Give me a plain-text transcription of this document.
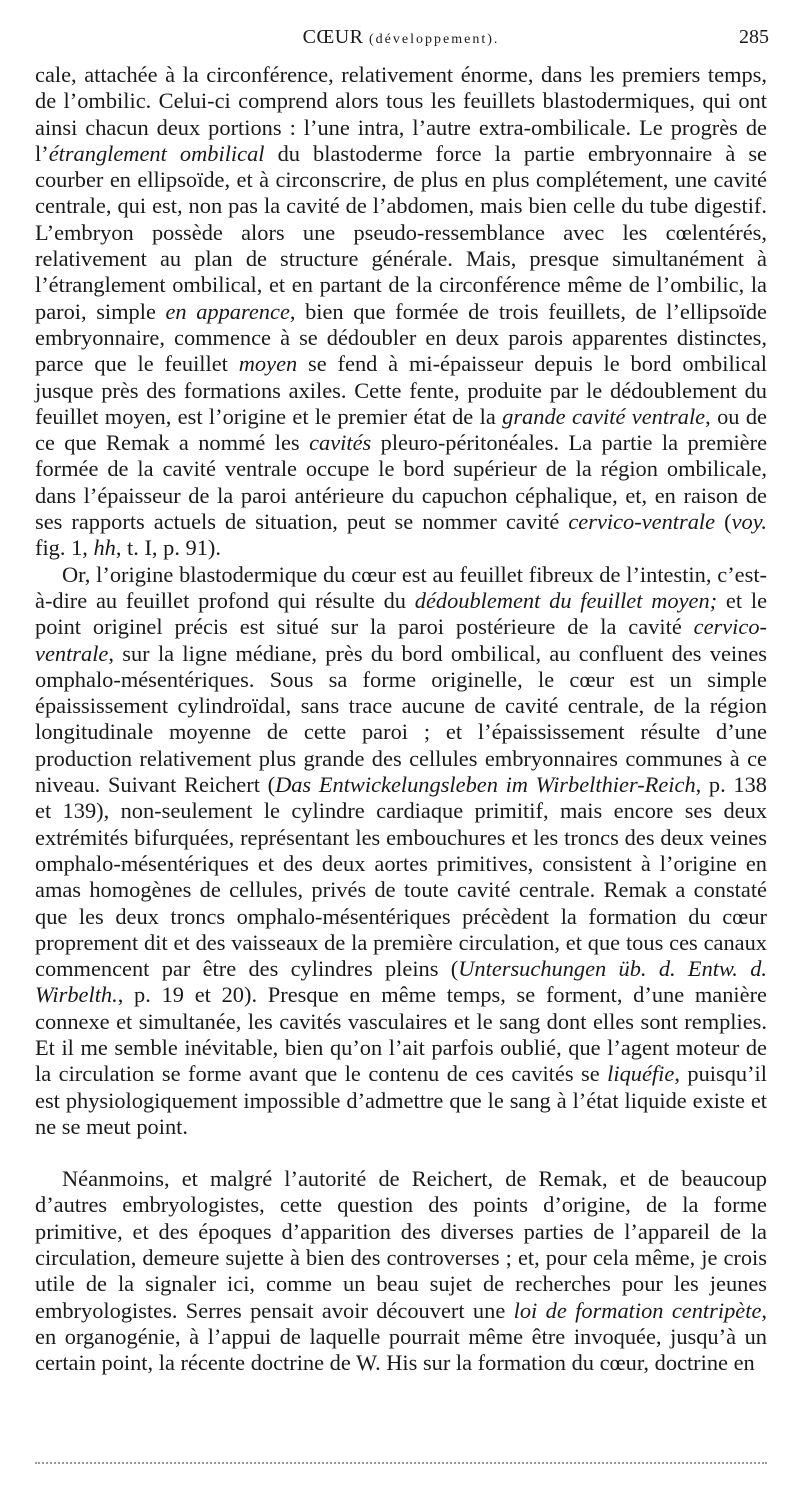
CŒUR (développement).	285

cale, attachée à la circonférence, relativement énorme, dans les premiers temps, de l’ombilic. Celui-ci comprend alors tous les feuillets blastodermiques, qui ont ainsi chacun deux portions : l’une intra, l’autre extra-ombilicale. Le progrès de l’étranglement ombilical du blastoderme force la partie embryonnaire à se courber en ellipsoïde, et à circonscrire, de plus en plus complétement, une cavité centrale, qui est, non pas la cavité de l’abdomen, mais bien celle du tube digestif. L’embryon possède alors une pseudo-ressemblance avec les cœlentérés, relativement au plan de structure générale. Mais, presque simultanément à l’étranglement ombilical, et en partant de la circonférence même de l’ombilic, la paroi, simple en apparence, bien que formée de trois feuillets, de l’ellipsoïde embryonnaire, commence à se dédoubler en deux parois apparentes distinctes, parce que le feuillet moyen se fend à mi-épaisseur depuis le bord ombilical jusque près des formations axiles. Cette fente, produite par le dédoublement du feuillet moyen, est l’origine et le premier état de la grande cavité ventrale, ou de ce que Remak a nommé les cavités pleuro-péritonéales. La partie la première formée de la cavité ventrale occupe le bord supérieur de la région ombilicale, dans l’épaisseur de la paroi antérieure du capuchon céphalique, et, en raison de ses rapports actuels de situation, peut se nommer cavité cervico-ventrale (voy. fig. 1, hh, t. I, p. 91).

Or, l’origine blastodermique du cœur est au feuillet fibreux de l’intestin, c’est-à-dire au feuillet profond qui résulte du dédoublement du feuillet moyen; et le point originel précis est situé sur la paroi postérieure de la cavité cervico-ventrale, sur la ligne médiane, près du bord ombilical, au confluent des veines omphalo-mésentériques. Sous sa forme originelle, le cœur est un simple épaississement cylindroïdal, sans trace aucune de cavité centrale, de la région longitudinale moyenne de cette paroi ; et l’épaississement résulte d’une production relativement plus grande des cellules embryonnaires communes à ce niveau. Suivant Reichert (Das Entwickelungsleben im Wirbelthier-Reich, p. 138 et 139), non-seulement le cylindre cardiaque primitif, mais encore ses deux extrémités bifurquées, représentant les embouchures et les troncs des deux veines omphalo-mésentériques et des deux aortes primitives, consistent à l’origine en amas homogènes de cellules, privés de toute cavité centrale. Remak a constaté que les deux troncs omphalo-mésentériques précèdent la formation du cœur proprement dit et des vaisseaux de la première circulation, et que tous ces canaux commencent par être des cylindres pleins (Untersuchungen üb. d. Entw. d. Wirbelth., p. 19 et 20). Presque en même temps, se forment, d’une manière connexe et simultanée, les cavités vasculaires et le sang dont elles sont remplies. Et il me semble inévitable, bien qu’on l’ait parfois oublié, que l’agent moteur de la circulation se forme avant que le contenu de ces cavités se liquéfie, puisqu’il est physiologiquement impossible d’admettre que le sang à l’état liquide existe et ne se meut point.

Néanmoins, et malgré l’autorité de Reichert, de Remak, et de beaucoup d’autres embryologistes, cette question des points d’origine, de la forme primitive, et des époques d’apparition des diverses parties de l’appareil de la circulation, demeure sujette à bien des controverses ; et, pour cela même, je crois utile de la signaler ici, comme un beau sujet de recherches pour les jeunes embryologistes. Serres pensait avoir découvert une loi de formation centripète, en organogénie, à l’appui de laquelle pourrait même être invoquée, jusqu’à un certain point, la récente doctrine de W. His sur la formation du cœur, doctrine en
